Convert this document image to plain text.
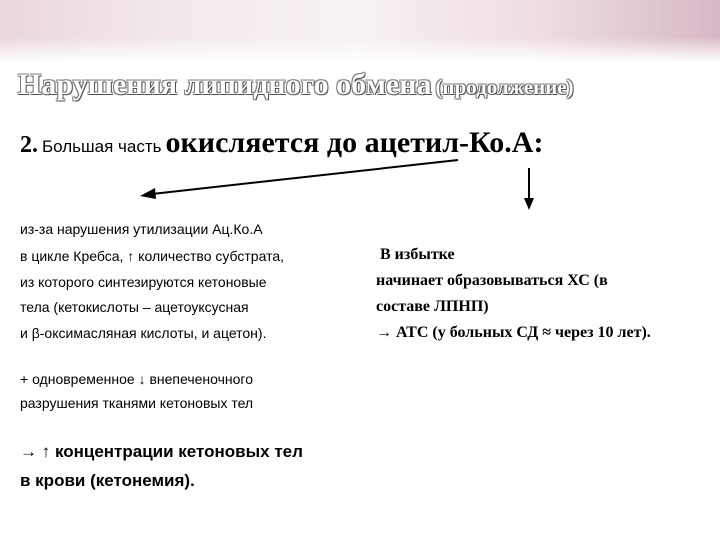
Нарушения липидного обмена (продолжение)
2. Большая часть окисляется до ацетил-Ко.А:
из-за нарушения утилизации Ац.Ко.А
в цикле Кребса, ↑ количество субстрата,
из которого синтезируются кетоновые
тела (кетокислоты – ацетоуксусная
и β-оксимасляная кислоты, и ацетон).
+ одновременное ↓ внепеченочного
разрушения тканями кетоновых тел
→ ↑ концентрации кетоновых тел
в крови (кетонемия).
В избытке
начинает образовываться ХС (в
составе ЛПНП)
→ АТС (у больных СД ≈ через 10 лет).
